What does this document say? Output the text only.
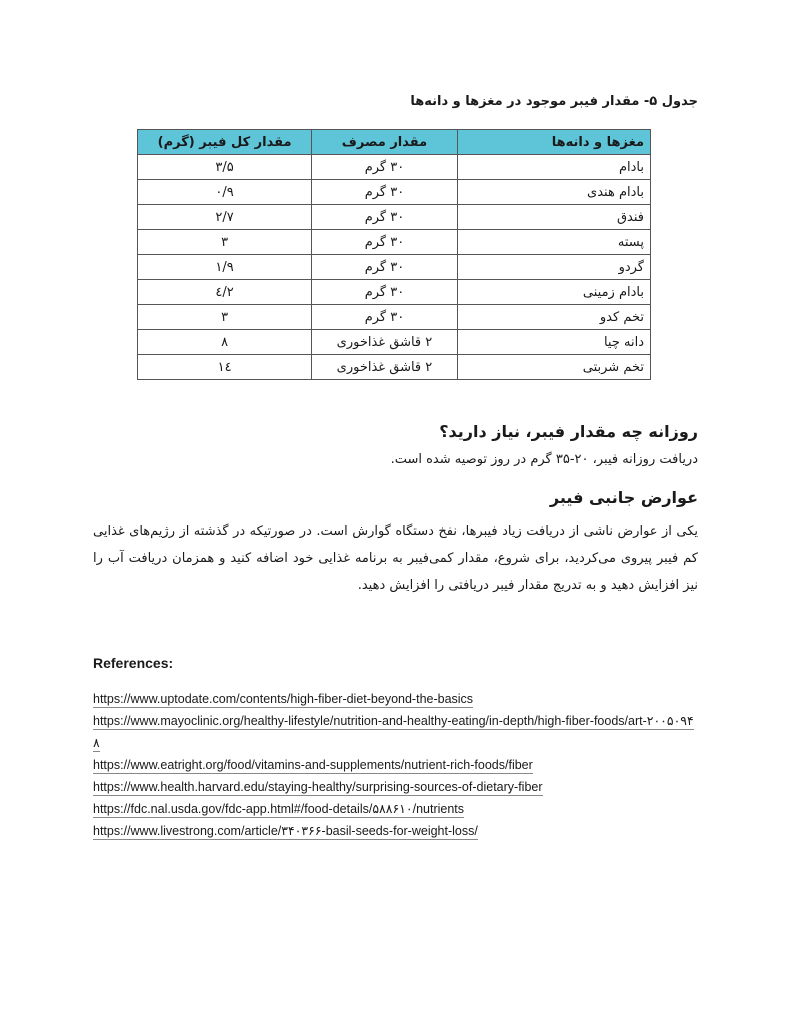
جدول ۵- مقدار فیبر موجود در مغزها و دانه‌ها

مغزها و دانه‌ها	مقدار مصرف	مقدار کل فیبر (گرم)
بادام	۳۰ گرم	۳/۵
بادام هندی	۳۰ گرم	۰/۹
فندق	۳۰ گرم	۲/۷
پسته	۳۰ گرم	۳
گردو	۳۰ گرم	۱/۹
بادام زمینی	۳۰ گرم	۲/٤
تخم کدو	۳۰ گرم	۳
دانه چیا	۲ قاشق غذاخوری	۸
تخم شربتی	۲ قاشق غذاخوری	١٤
روزانه چه مقدار فیبر، نیاز دارید؟

دریافت روزانه فیبر، ۲۰-۳۵ گرم در روز توصیه شده است.

عوارض جانبی فیبر

یکی از عوارض ناشی از دریافت زیاد فیبرها، نفخ دستگاه گوارش است. در صورتیکه در گذشته از رژیم‌های غذایی کم فیبر پیروی می‌کردید، برای شروع، مقدار کمی‌فیبر به برنامه غذایی خود اضافه کنید و همزمان دریافت آب را نیز افزایش دهید و به تدریج مقدار فیبر دریافتی را افزایش دهید.

References:

https://www.uptodate.com/contents/high-fiber-diet-beyond-the-basics
https://www.mayoclinic.org/healthy-lifestyle/nutrition-and-healthy-eating/in-depth/high-fiber-foods/art-۲۰۰۵۰۹۴۸
https://www.eatright.org/food/vitamins-and-supplements/nutrient-rich-foods/fiber
https://www.health.harvard.edu/staying-healthy/surprising-sources-of-dietary-fiber
https://fdc.nal.usda.gov/fdc-app.html#/food-details/۵۸۸۶۱۰/nutrients
https://www.livestrong.com/article/۳۴۰۳۶۶-basil-seeds-for-weight-loss/
